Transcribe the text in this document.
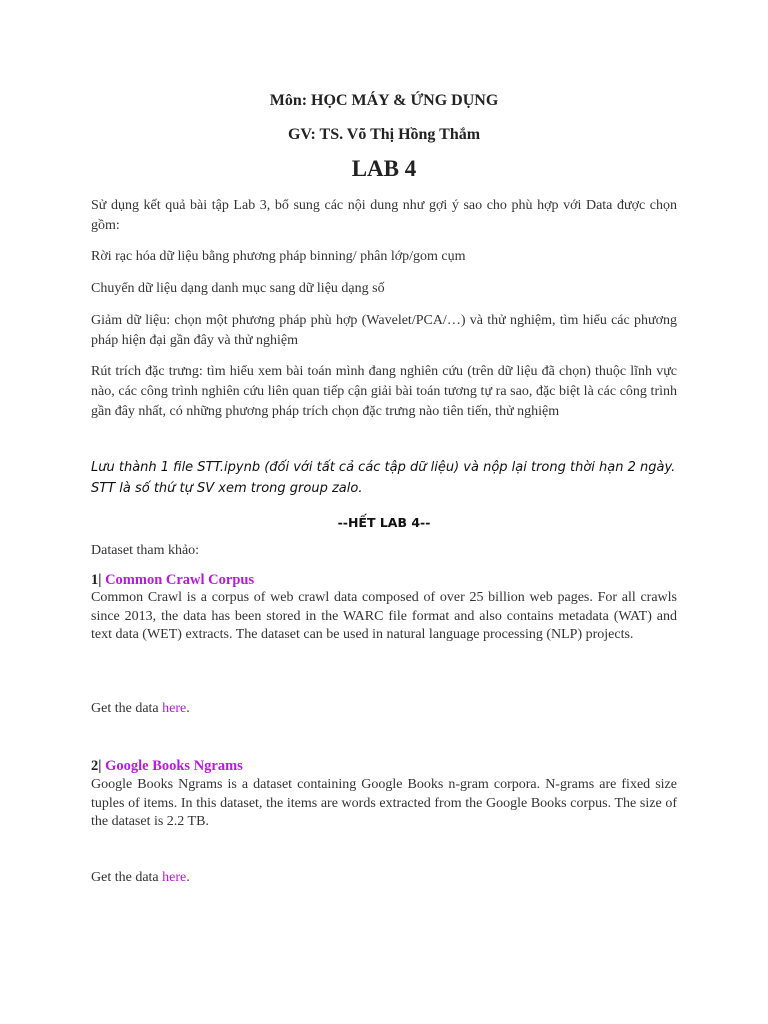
Môn: HỌC MÁY & ỨNG DỤNG
GV: TS. Võ Thị Hồng Thắm
LAB 4
Sử dụng kết quả bài tập Lab 3, bổ sung các nội dung như gợi ý sao cho phù hợp với Data được chọn gồm:
Rời rạc hóa dữ liệu bằng phương pháp binning/ phân lớp/gom cụm
Chuyển dữ liệu dạng danh mục sang dữ liệu dạng số
Giảm dữ liệu: chọn một phương pháp phù hợp (Wavelet/PCA/…) và thử nghiệm, tìm hiểu các phương pháp hiện đại gần đây và thử nghiệm
Rút trích đặc trưng: tìm hiểu xem bài toán mình đang nghiên cứu (trên dữ liệu đã chọn) thuộc lĩnh vực nào, các công trình nghiên cứu liên quan tiếp cận giải bài toán tương tự ra sao, đặc biệt là các công trình gần đây nhất, có những phương pháp trích chọn đặc trưng nào tiên tiến, thử nghiệm
Lưu thành 1 file STT.ipynb (đối với tất cả các tập dữ liệu) và nộp lại trong thời hạn 2 ngày. STT là số thứ tự SV xem trong group zalo.
--HẾT LAB 4--
Dataset tham khảo:
1| Common Crawl Corpus
Common Crawl is a corpus of web crawl data composed of over 25 billion web pages. For all crawls since 2013, the data has been stored in the WARC file format and also contains metadata (WAT) and text data (WET) extracts. The dataset can be used in natural language processing (NLP) projects.
Get the data here.
2| Google Books Ngrams
Google Books Ngrams is a dataset containing Google Books n-gram corpora. N-grams are fixed size tuples of items. In this dataset, the items are words extracted from the Google Books corpus. The size of the dataset is 2.2 TB.
Get the data here.
